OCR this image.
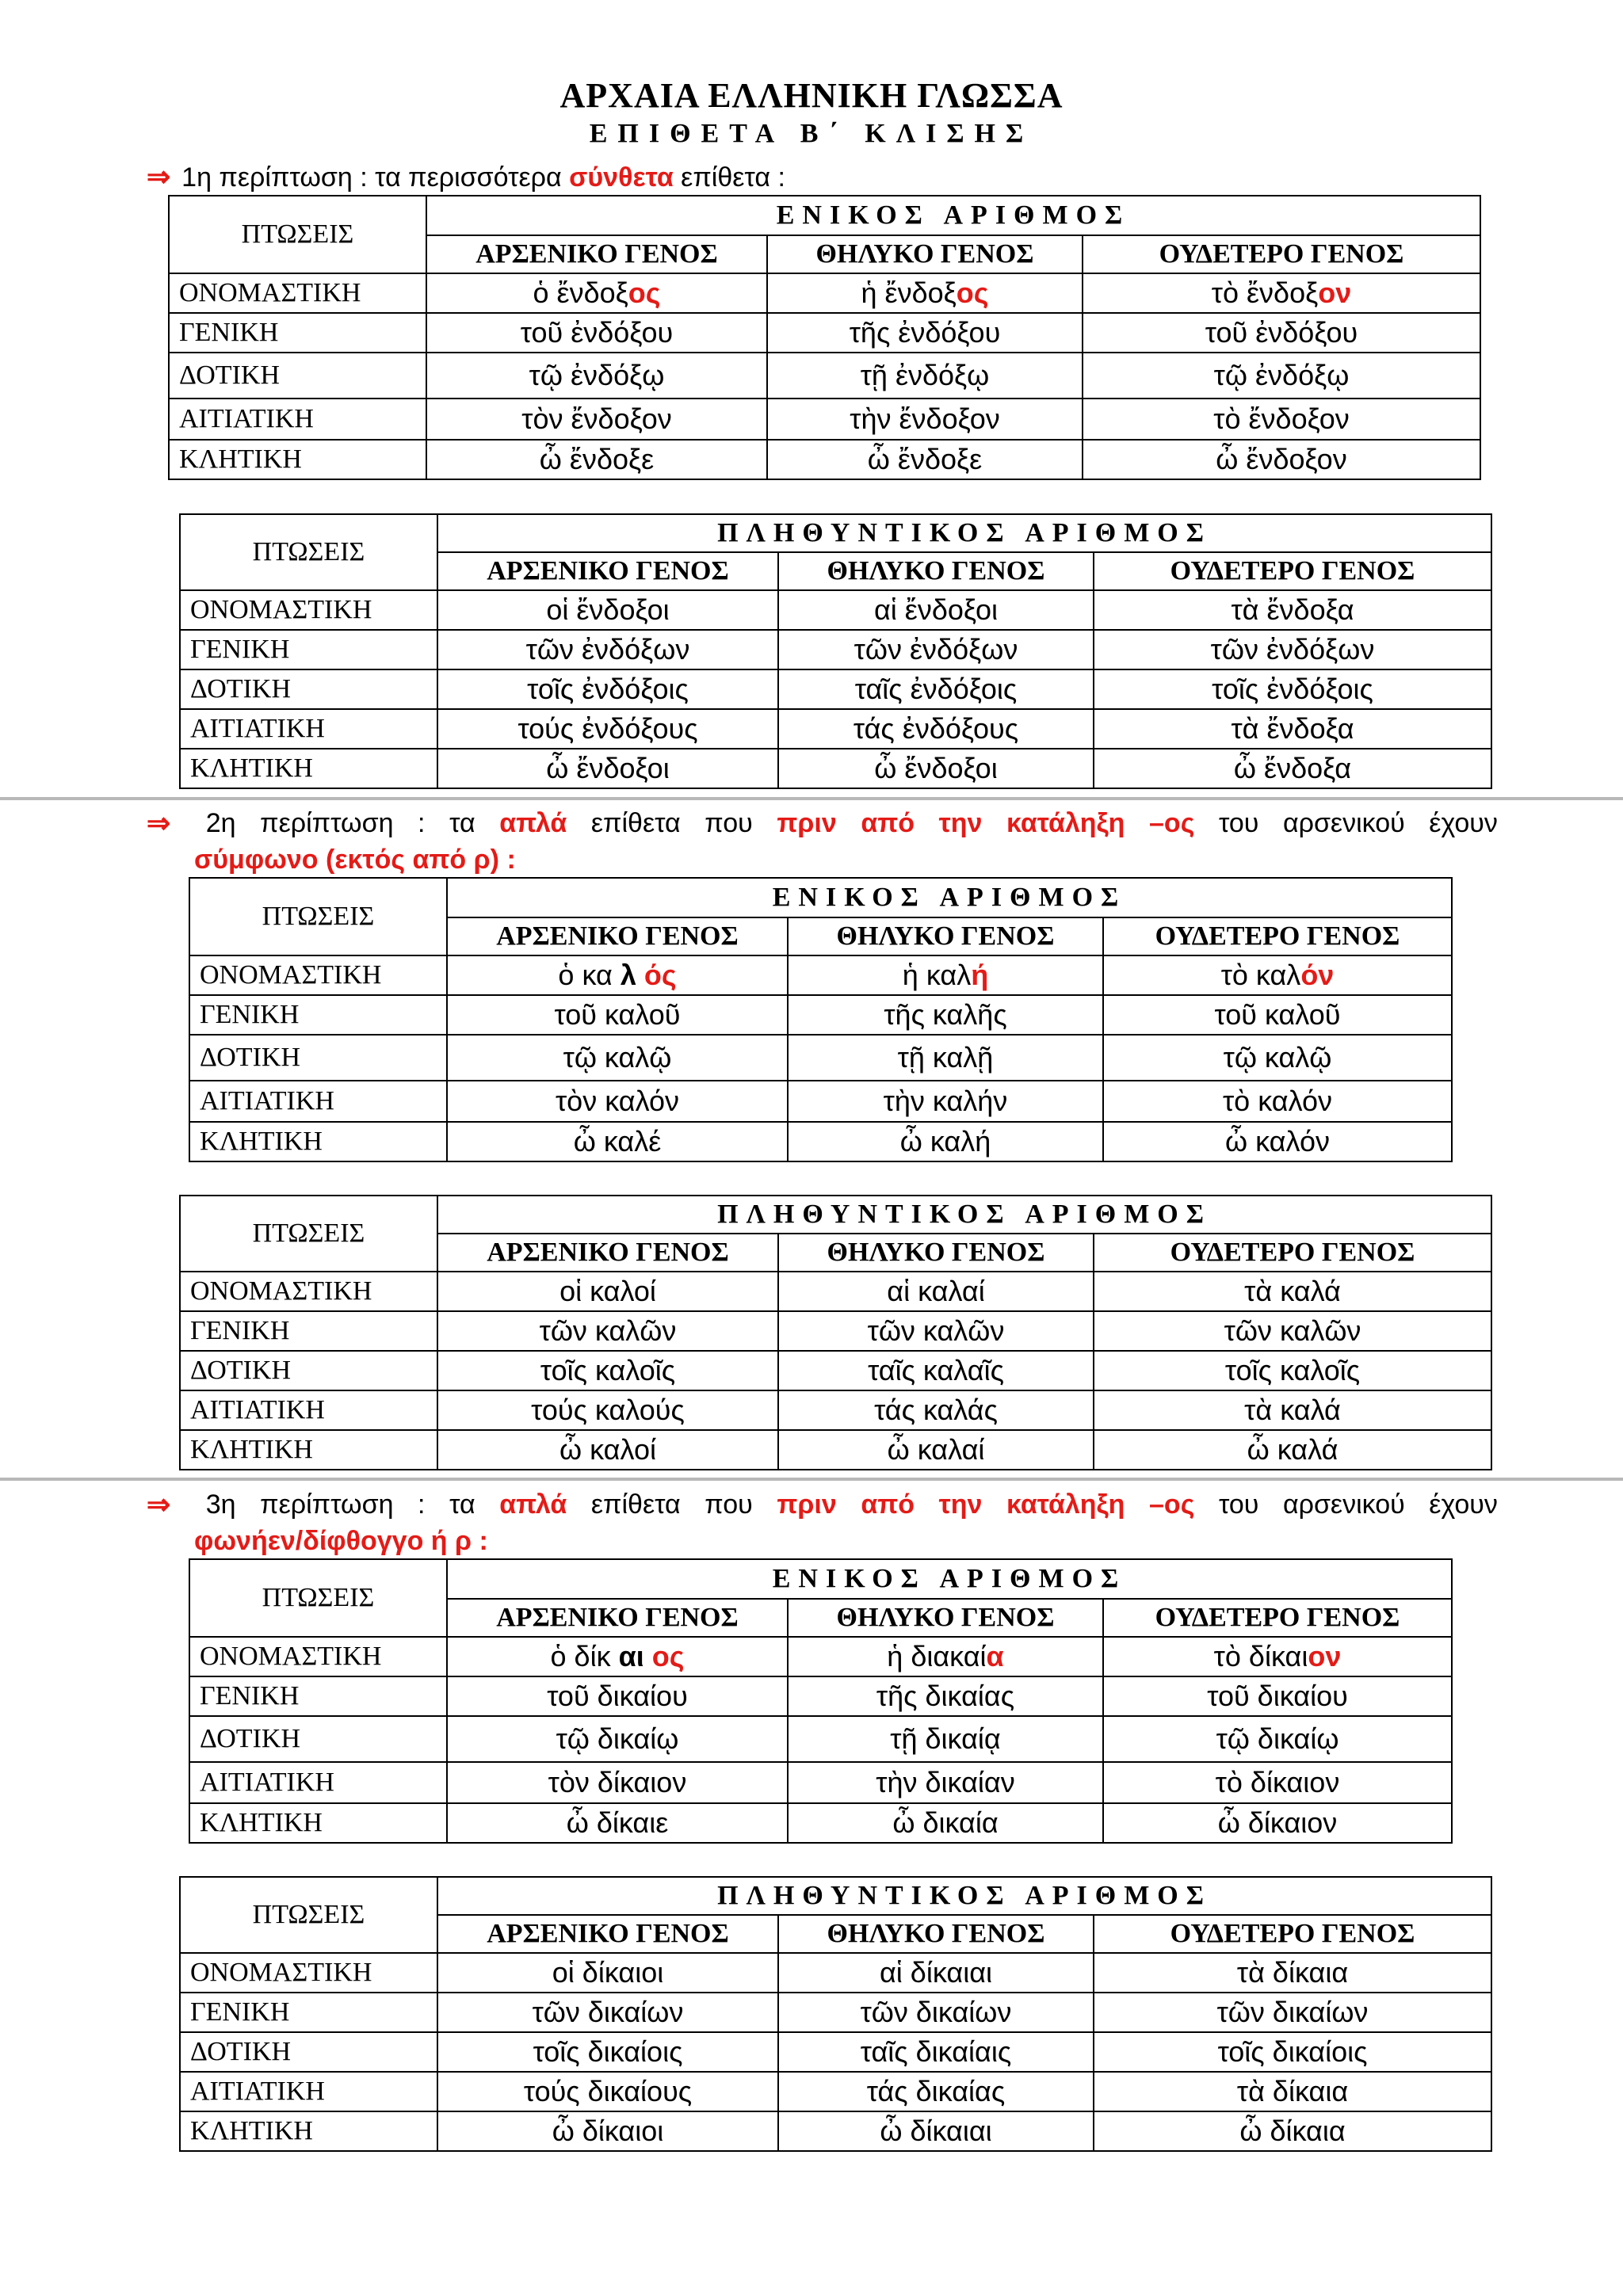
ΑΡΧΑΙΑ ΕΛΛΗΝΙΚΗ ΓΛΩΣΣΑ
ΕΠΙΘΕΤΑ Β΄ ΚΛΙΣΗΣ
⇒ 1η περίπτωση : τα περισσότερα σύνθετα επίθετα :
⇒ 2η περίπτωση : τα απλά επίθετα που πριν από την κατάληξη –ος του αρσενικού έχουν
σύμφωνο (εκτός από ρ) :
⇒ 3η περίπτωση : τα απλά επίθετα που πριν από την κατάληξη –ος του αρσενικού έχουν
φωνήεν/δίφθογγο ή ρ :
ΠΤΩΣΕΙΣ	ΕΝΙΚΟΣ ΑΡΙΘΜΟΣ		
	ΑΡΣΕΝΙΚΟ ΓΕΝΟΣ	ΘΗΛΥΚΟ ΓΕΝΟΣ	ΟΥΔΕΤΕΡΟ ΓΕΝΟΣ
ΟΝΟΜΑΣΤΙΚΗ	ὁ ἔνδοξος	ἡ ἔνδοξος	τὸ ἔνδοξον
ΓΕΝΙΚΗ	τοῦ ἐνδόξου	τῆς ἐνδόξου	τοῦ ἐνδόξου
ΔΟΤΙΚΗ	τῷ ἐνδόξῳ	τῇ ἐνδόξῳ	τῷ ἐνδόξῳ
ΑΙΤΙΑΤΙΚΗ	τὸν ἔνδοξον	τὴν ἔνδοξον	τὸ ἔνδοξον
ΚΛΗΤΙΚΗ	ὦ ἔνδοξε	ὦ ἔνδοξε	ὦ ἔνδοξον
ΠΤΩΣΕΙΣ	ΠΛΗΘΥΝΤΙΚΟΣ ΑΡΙΘΜΟΣ		
	ΑΡΣΕΝΙΚΟ ΓΕΝΟΣ	ΘΗΛΥΚΟ ΓΕΝΟΣ	ΟΥΔΕΤΕΡΟ ΓΕΝΟΣ
ΟΝΟΜΑΣΤΙΚΗ	οἱ ἔνδοξοι	αἱ ἔνδοξοι	τὰ ἔνδοξα
ΓΕΝΙΚΗ	τῶν ἐνδόξων	τῶν ἐνδόξων	τῶν ἐνδόξων
ΔΟΤΙΚΗ	τοῖς ἐνδόξοις	ταῖς ἐνδόξοις	τοῖς ἐνδόξοις
ΑΙΤΙΑΤΙΚΗ	τούς ἐνδόξους	τάς ἐνδόξους	τὰ ἔνδοξα
ΚΛΗΤΙΚΗ	ὦ ἔνδοξοι	ὦ ἔνδοξοι	ὦ ἔνδοξα
ΠΤΩΣΕΙΣ	ΕΝΙΚΟΣ ΑΡΙΘΜΟΣ		
	ΑΡΣΕΝΙΚΟ ΓΕΝΟΣ	ΘΗΛΥΚΟ ΓΕΝΟΣ	ΟΥΔΕΤΕΡΟ ΓΕΝΟΣ
ΟΝΟΜΑΣΤΙΚΗ	ὁ κα λ ός	ἡ καλή	τὸ καλόν
ΓΕΝΙΚΗ	τοῦ καλοῦ	τῆς καλῆς	τοῦ καλοῦ
ΔΟΤΙΚΗ	τῷ καλῷ	τῇ καλῇ	τῷ καλῷ
ΑΙΤΙΑΤΙΚΗ	τὸν καλόν	τὴν καλήν	τὸ καλόν
ΚΛΗΤΙΚΗ	ὦ καλέ	ὦ καλή	ὦ καλόν
ΠΤΩΣΕΙΣ	ΠΛΗΘΥΝΤΙΚΟΣ ΑΡΙΘΜΟΣ		
	ΑΡΣΕΝΙΚΟ ΓΕΝΟΣ	ΘΗΛΥΚΟ ΓΕΝΟΣ	ΟΥΔΕΤΕΡΟ ΓΕΝΟΣ
ΟΝΟΜΑΣΤΙΚΗ	οἱ καλοί	αἱ καλαί	τὰ καλά
ΓΕΝΙΚΗ	τῶν καλῶν	τῶν καλῶν	τῶν καλῶν
ΔΟΤΙΚΗ	τοῖς καλοῖς	ταῖς καλαῖς	τοῖς καλοῖς
ΑΙΤΙΑΤΙΚΗ	τούς καλούς	τάς καλάς	τὰ καλά
ΚΛΗΤΙΚΗ	ὦ καλοί	ὦ καλαί	ὦ καλά
ΠΤΩΣΕΙΣ	ΕΝΙΚΟΣ ΑΡΙΘΜΟΣ		
	ΑΡΣΕΝΙΚΟ ΓΕΝΟΣ	ΘΗΛΥΚΟ ΓΕΝΟΣ	ΟΥΔΕΤΕΡΟ ΓΕΝΟΣ
ΟΝΟΜΑΣΤΙΚΗ	ὁ δίκ αι ος	ἡ διακαία	τὸ δίκαιον
ΓΕΝΙΚΗ	τοῦ δικαίου	τῆς δικαίας	τοῦ δικαίου
ΔΟΤΙΚΗ	τῷ δικαίῳ	τῇ δικαίᾳ	τῷ δικαίῳ
ΑΙΤΙΑΤΙΚΗ	τὸν δίκαιον	τὴν δικαίαν	τὸ δίκαιον
ΚΛΗΤΙΚΗ	ὦ δίκαιε	ὦ δικαία	ὦ δίκαιον
ΠΤΩΣΕΙΣ	ΠΛΗΘΥΝΤΙΚΟΣ ΑΡΙΘΜΟΣ		
	ΑΡΣΕΝΙΚΟ ΓΕΝΟΣ	ΘΗΛΥΚΟ ΓΕΝΟΣ	ΟΥΔΕΤΕΡΟ ΓΕΝΟΣ
ΟΝΟΜΑΣΤΙΚΗ	οἱ δίκαιοι	αἱ δίκαιαι	τὰ δίκαια
ΓΕΝΙΚΗ	τῶν δικαίων	τῶν δικαίων	τῶν δικαίων
ΔΟΤΙΚΗ	τοῖς δικαίοις	ταῖς δικαίαις	τοῖς δικαίοις
ΑΙΤΙΑΤΙΚΗ	τούς δικαίους	τάς δικαίας	τὰ δίκαια
ΚΛΗΤΙΚΗ	ὦ δίκαιοι	ὦ δίκαιαι	ὦ δίκαια
